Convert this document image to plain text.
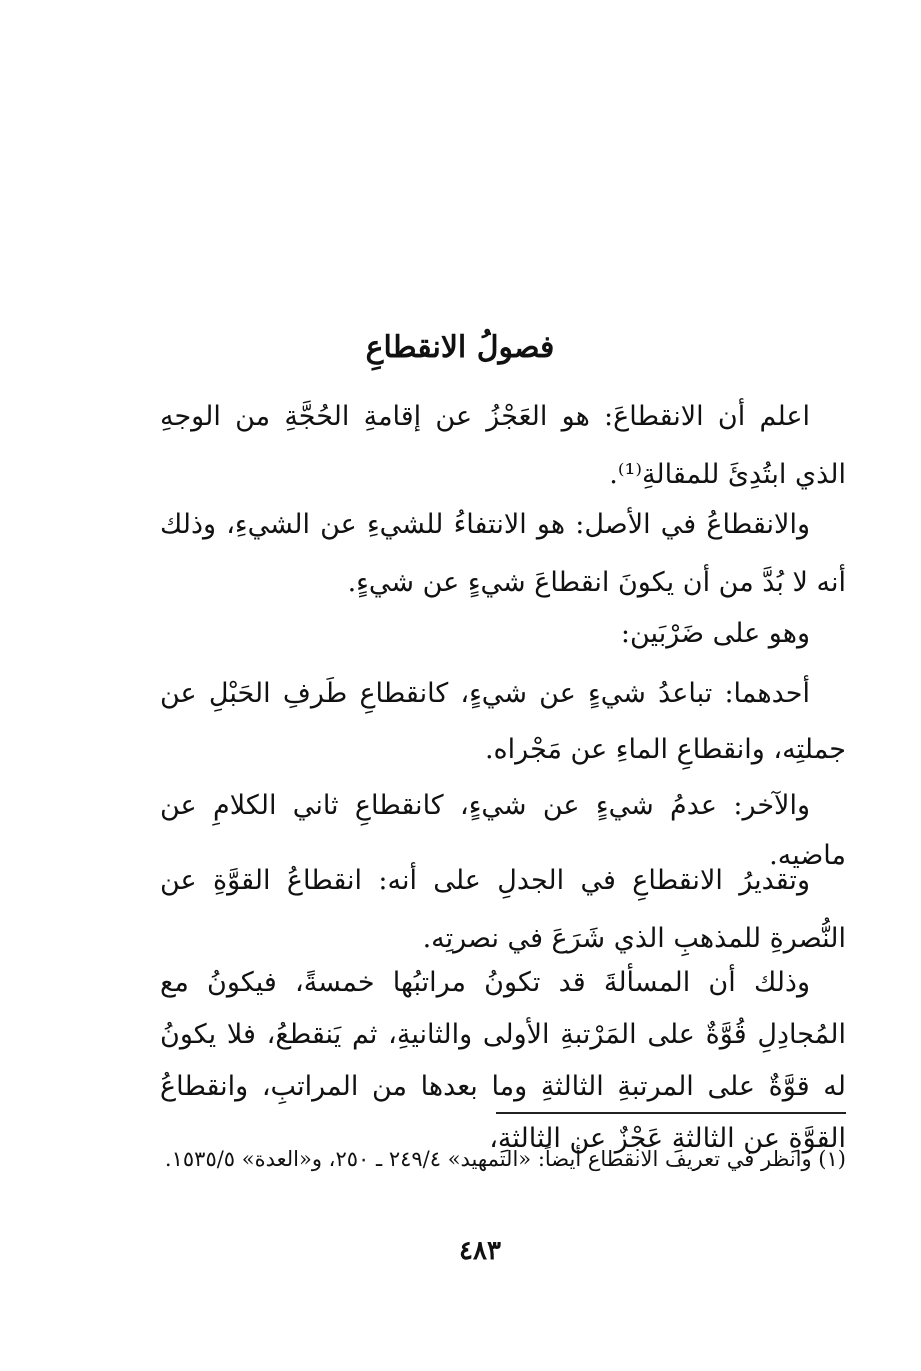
فصولُ الانقطاعِ

اعلم أن الانقطاعَ: هو العَجْزُ عن إقامةِ الحُجَّةِ من الوجهِ الذي ابتُدِئَ للمقالةِ⁽¹⁾.

والانقطاعُ في الأصل: هو الانتفاءُ للشيءِ عن الشيءِ، وذلك أنه لا بُدَّ من أن يكونَ انقطاعَ شيءٍ عن شيءٍ.

وهو على ضَرْبَين:

أحدهما: تباعدُ شيءٍ عن شيءٍ، كانقطاعِ طَرفِ الحَبْلِ عن جملتِه، وانقطاعِ الماءِ عن مَجْراه.

والآخر: عدمُ شيءٍ عن شيءٍ، كانقطاعِ ثاني الكلامِ عن ماضيه.

وتقديرُ الانقطاعِ في الجدلِ على أنه: انقطاعُ القوَّةِ عن النُّصرةِ للمذهبِ الذي شَرَعَ في نصرتِه.

وذلك أن المسألةَ قد تكونُ مراتبُها خمسةً، فيكونُ مع المُجادِلِ قُوَّةٌ على المَرْتبةِ الأولى والثانيةِ، ثم يَنقطعُ، فلا يكونُ له قوَّةٌ على المرتبةِ الثالثةِ وما بعدها من المراتبِ، وانقطاعُ القوَّةِ عن الثالثةِ عَجْزٌ عن الثالثةِ،

(١) وانظر في تعريف الانقطاع أيضاً: «التمهيد» ٢٤٩/٤ ـ ٢٥٠، و«العدة» ١٥٣٥/٥.

٤٨٣
